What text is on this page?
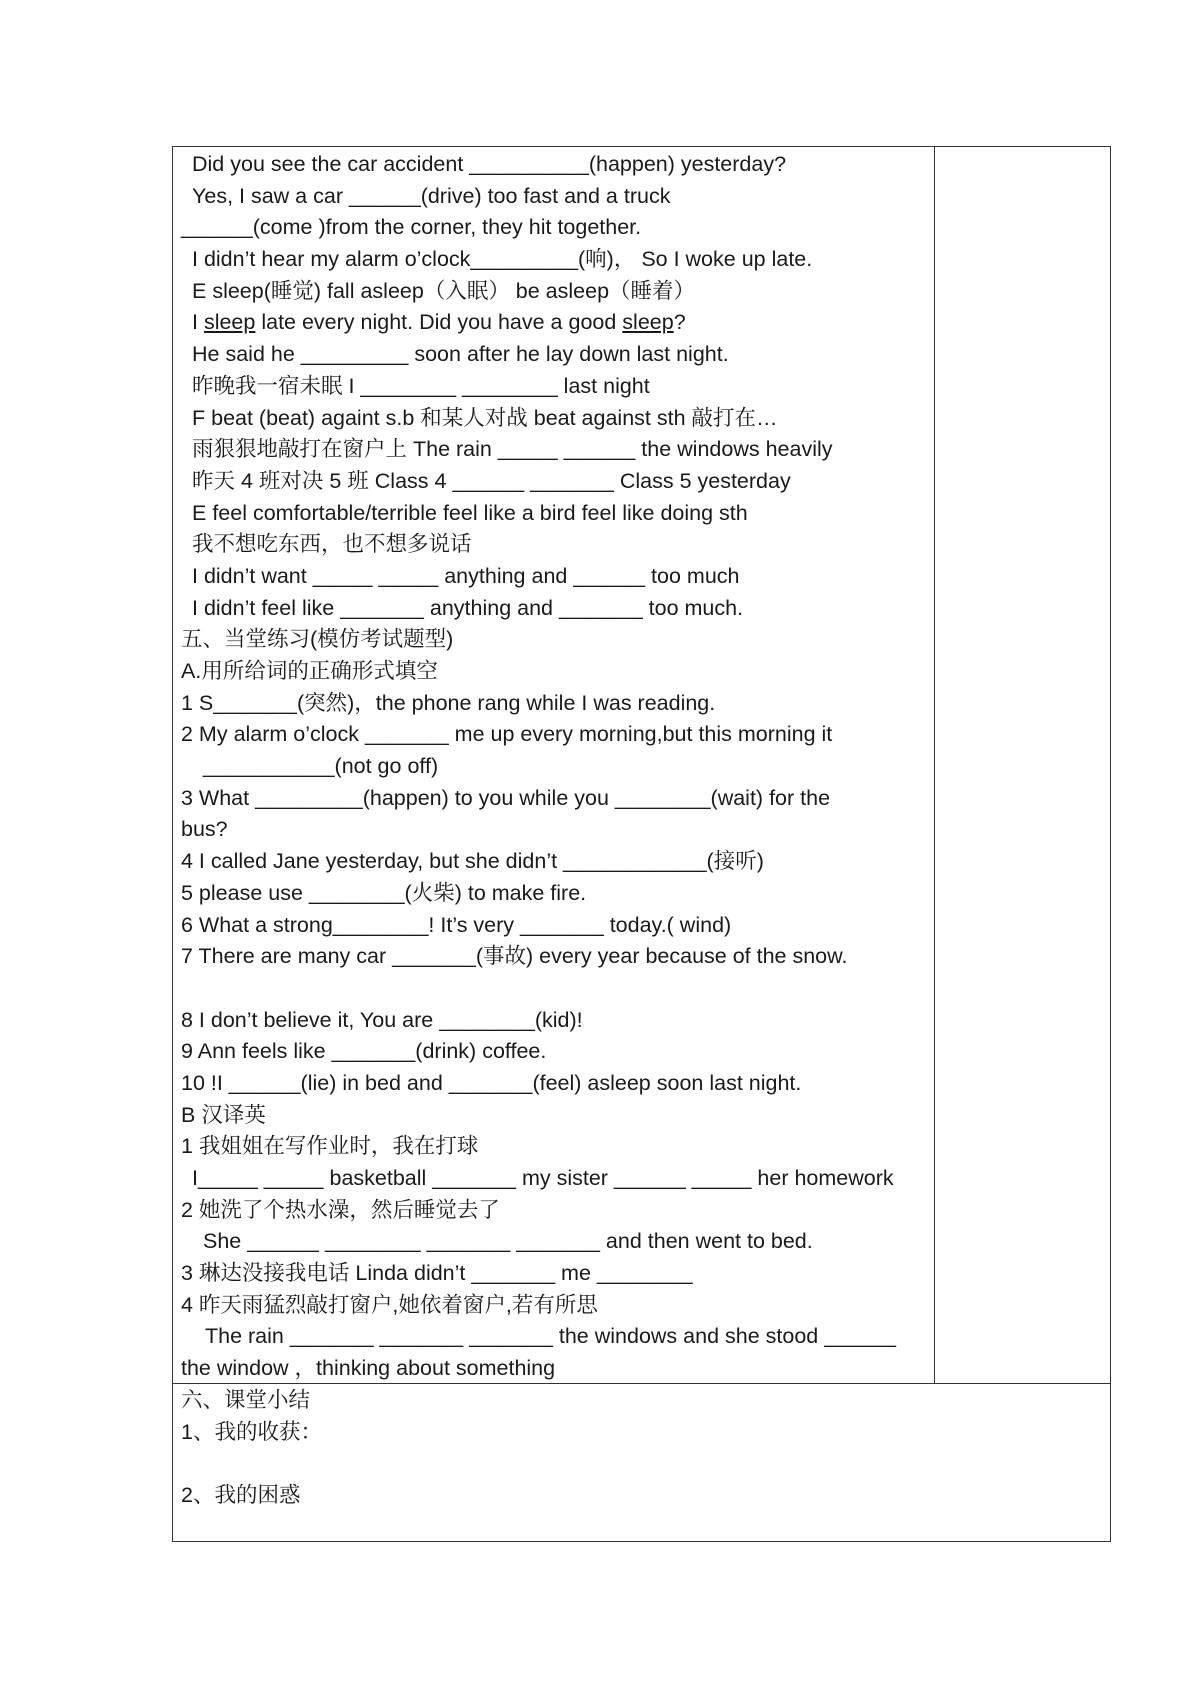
Did you see the car accident __________(happen) yesterday?
Yes, I saw a car ______(drive) too fast and a truck
______(come )from the corner, they hit together.
I didn’t hear my alarm o’clock_________(响)， So I woke up late.
E sleep(睡觉) fall asleep（入眠） be asleep（睡着）
I sleep late every night. Did you have a good sleep?
He said he _________ soon after he lay down last night.
昨晚我一宿未眠 I ________ ________ last night
F beat (beat) againt s.b 和某人对战 beat against sth 敲打在…
雨狠狠地敲打在窗户上 The rain _____ ______ the windows heavily
昨天 4 班对决 5 班 Class 4 ______ _______ Class 5 yesterday
E feel comfortable/terrible feel like a bird feel like doing sth
我不想吃东西，也不想多说话
I didn’t want _____ _____ anything and ______ too much
I didn’t feel like _______ anything and _______ too much.
五、当堂练习(模仿考试题型)
A.用所给词的正确形式填空
1 S_______(突然)，the phone rang while I was reading.
2 My alarm o’clock _______ me up every morning,but this morning it
___________(not go off)
3 What _________(happen) to you while you ________(wait) for the
bus?
4 I called Jane yesterday, but she didn’t ____________(接听)
5 please use ________(火柴) to make fire.
6 What a strong________! It’s very _______ today.( wind)
7 There are many car _______(事故) every year because of the snow.
8 I don’t believe it, You are ________(kid)!
9 Ann feels like _______(drink) coffee.
10 !I ______(lie) in bed and _______(feel) asleep soon last night.
B 汉译英
1 我姐姐在写作业时，我在打球
I_____ _____ basketball _______ my sister ______ _____ her homework
2 她洗了个热水澡，然后睡觉去了
She ______ ________ _______ _______ and then went to bed.
3 琳达没接我电话 Linda didn’t _______ me ________
4 昨天雨猛烈敲打窗户,她依着窗户,若有所思
The rain _______ _______ _______ the windows and she stood ______
the window ，thinking about something
六、课堂小结
1、我的收获：
2、我的困惑
